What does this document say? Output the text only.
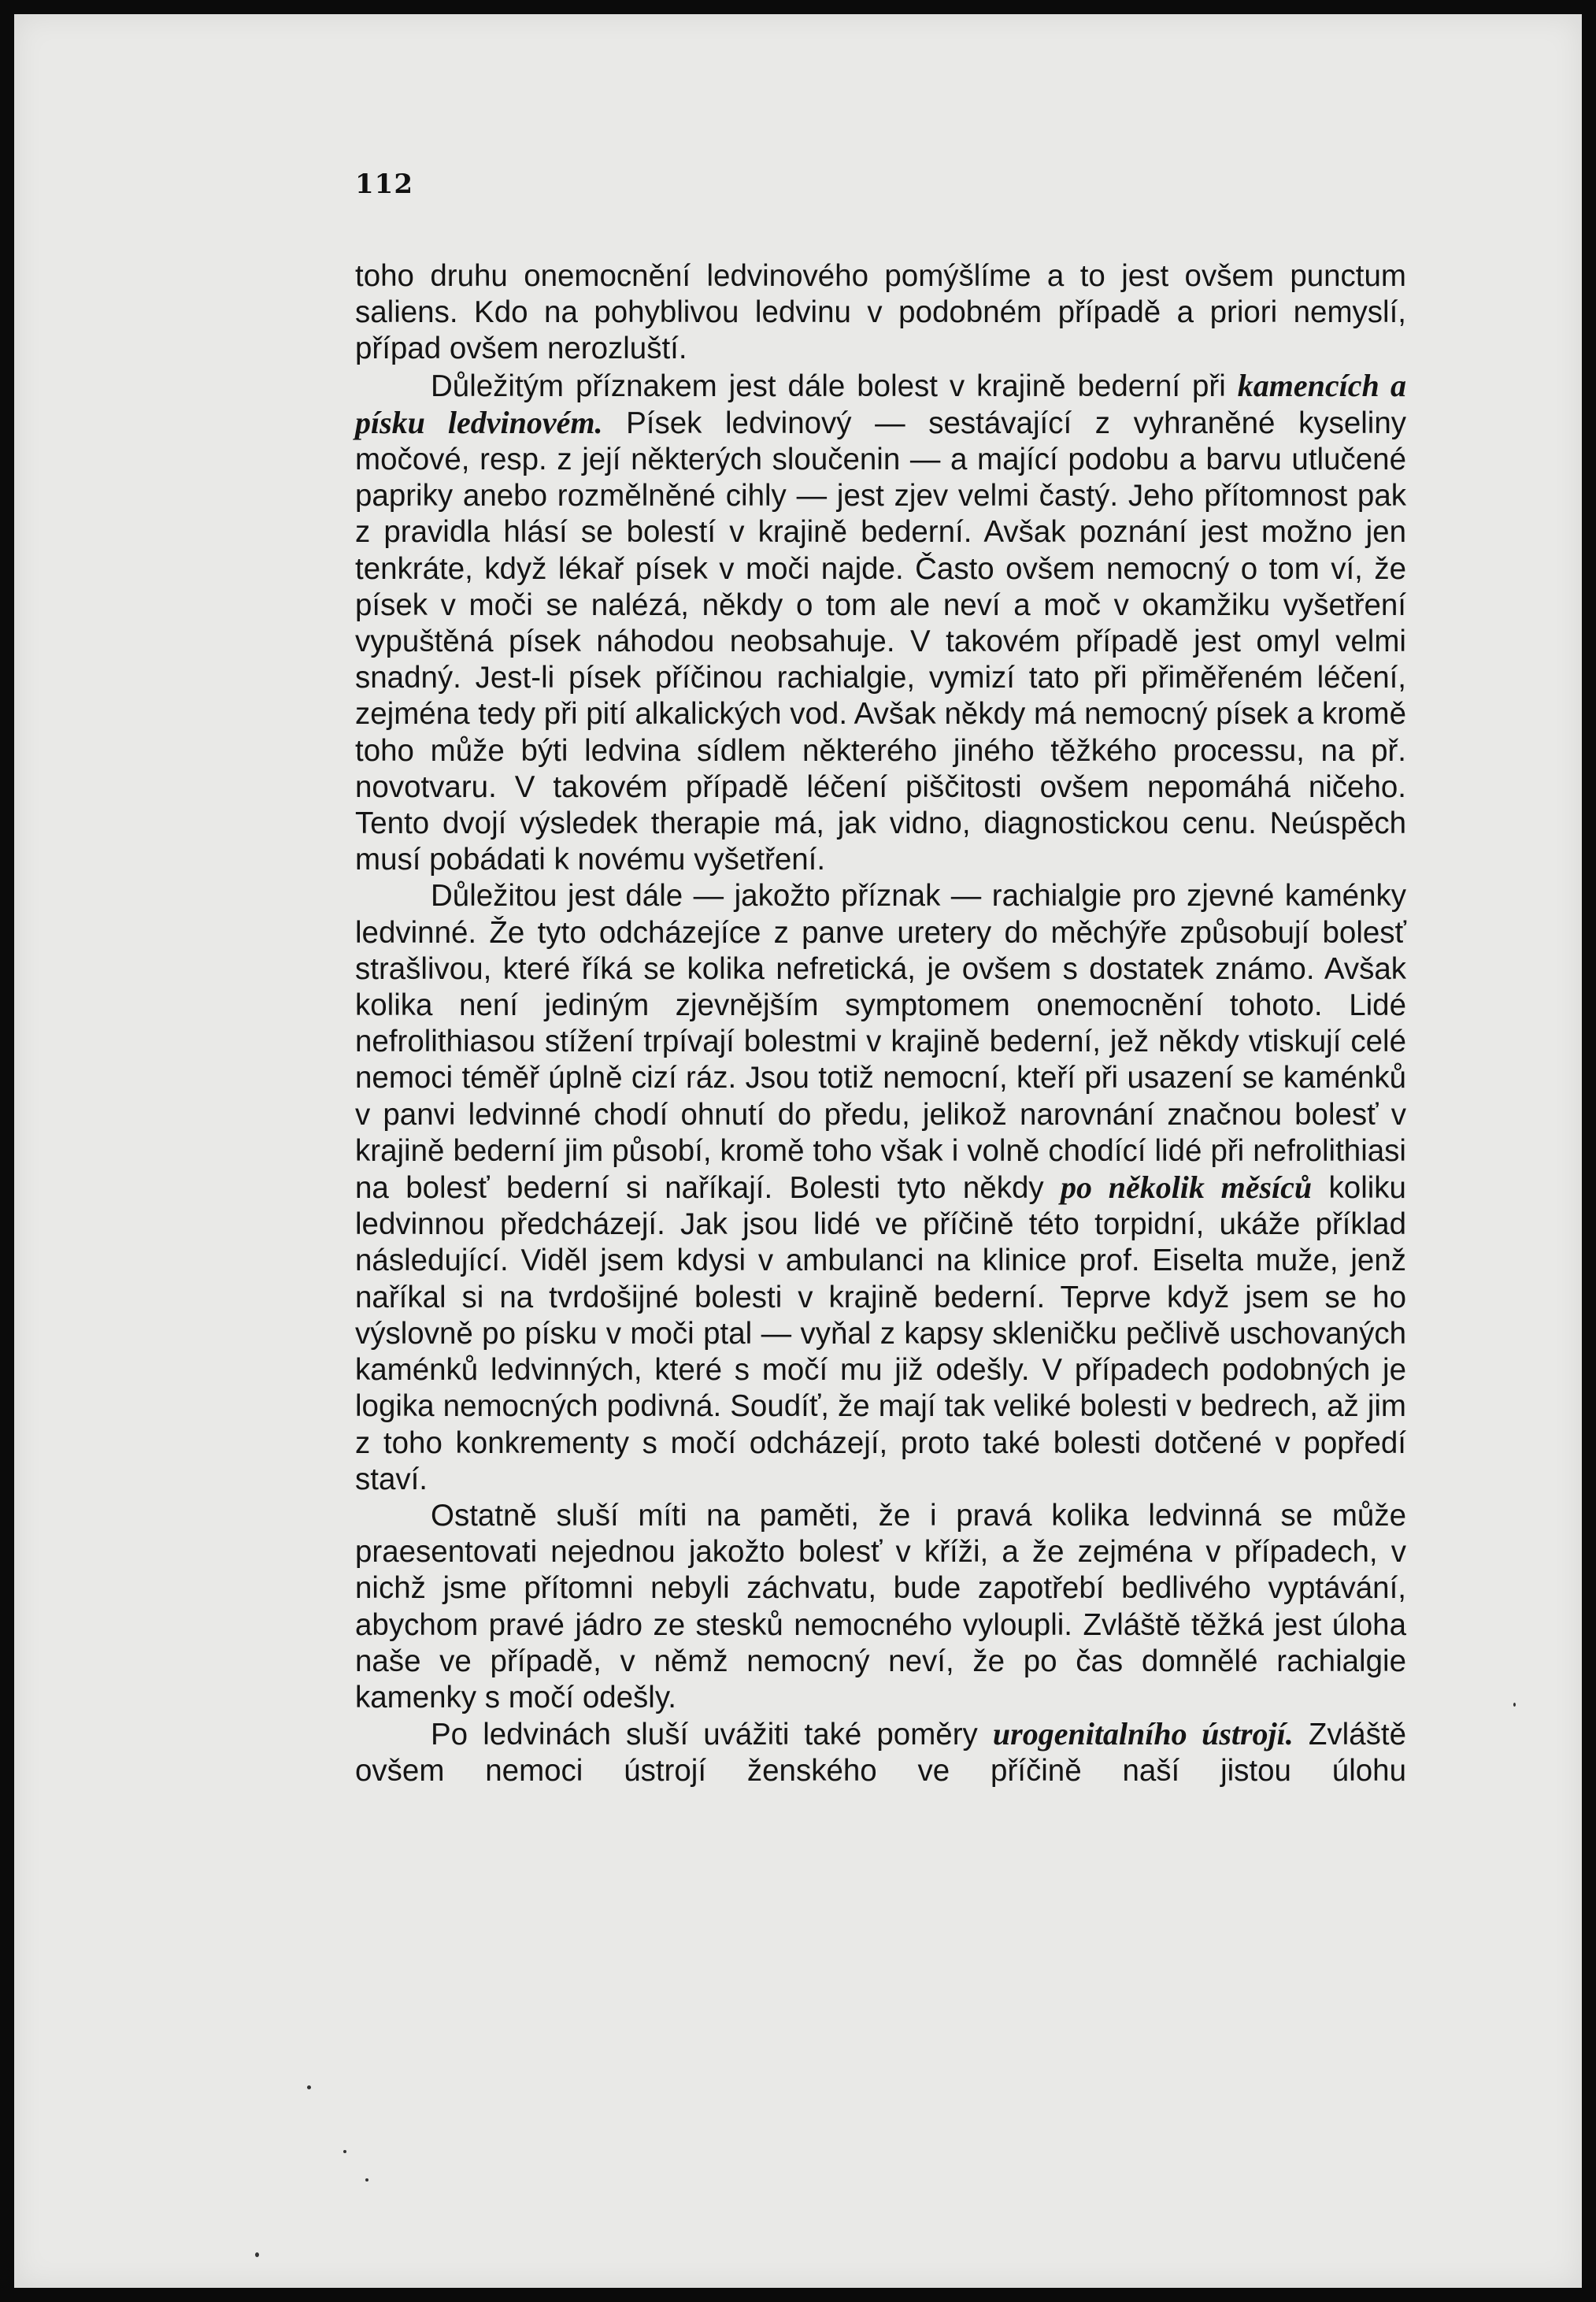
112

toho druhu onemocnění ledvinového pomýšlíme a to jest ovšem punctum saliens. Kdo na pohyblivou ledvinu v podobném případě a priori nemyslí, případ ovšem nerozluští.

Důležitým příznakem jest dále bolest v krajině bederní při kamencích a písku ledvinovém. Písek ledvinový — sestávající z vyhraněné kyseliny močové, resp. z její některých sloučenin — a mající podobu a barvu utlučené papriky anebo rozmělněné cihly — jest zjev velmi častý. Jeho přítomnost pak z pravidla hlásí se bolestí v krajině bederní. Avšak poznání jest možno jen tenkráte, když lékař písek v moči najde. Často ovšem nemocný o tom ví, že písek v moči se nalézá, někdy o tom ale neví a moč v okamžiku vyšetření vypuštěná písek náhodou neobsahuje. V takovém případě jest omyl velmi snadný. Jest-li písek příčinou rachialgie, vymizí tato při přiměřeném léčení, zejména tedy při pití alkalických vod. Avšak někdy má nemocný písek a kromě toho může býti ledvina sídlem některého jiného těžkého processu, na př. novotvaru. V takovém případě léčení piščitosti ovšem nepomáhá ničeho. Tento dvojí výsledek therapie má, jak vidno, diagnostickou cenu. Neúspěch musí pobádati k novému vyšetření.

Důležitou jest dále — jakožto příznak — rachialgie pro zjevné kaménky ledvinné. Že tyto odcházejíce z panve uretery do měchýře způsobují bolesť strašlivou, které říká se kolika nefretická, je ovšem s dostatek známo. Avšak kolika není jediným zjevnějším symptomem onemocnění tohoto. Lidé nefrolithiasou stížení trpívají bolestmi v krajině bederní, jež někdy vtiskují celé nemoci téměř úplně cizí ráz. Jsou totiž nemocní, kteří při usazení se kaménků v panvi ledvinné chodí ohnutí do předu, jelikož narovnání značnou bolesť v krajině bederní jim působí, kromě toho však i volně chodící lidé při nefrolithiasi na bolesť bederní si naříkají. Bolesti tyto někdy po několik měsíců koliku ledvinnou předcházejí. Jak jsou lidé ve příčině této torpidní, ukáže příklad následující. Viděl jsem kdysi v ambulanci na klinice prof. Eiselta muže, jenž naříkal si na tvrdošijné bolesti v krajině bederní. Teprve když jsem se ho výslovně po písku v moči ptal — vyňal z kapsy skleničku pečlivě uschovaných kaménků ledvinných, které s močí mu již odešly. V případech podobných je logika nemocných podivná. Soudíť, že mají tak veliké bolesti v bedrech, až jim z toho konkrementy s močí odcházejí, proto také bolesti dotčené v popředí staví.

Ostatně sluší míti na paměti, že i pravá kolika ledvinná se může praesentovati nejednou jakožto bolesť v kříži, a že zejména v případech, v nichž jsme přítomni nebyli záchvatu, bude zapotřebí bedlivého vyptávání, abychom pravé jádro ze stesků nemocného vyloupli. Zvláště těžká jest úloha naše ve případě, v němž nemocný neví, že po čas domnělé rachialgie kamenky s močí odešly.

Po ledvinách sluší uvážiti také poměry urogenitalního ústrojí. Zvláště ovšem nemoci ústrojí ženského ve příčině naší jistou úlohu
